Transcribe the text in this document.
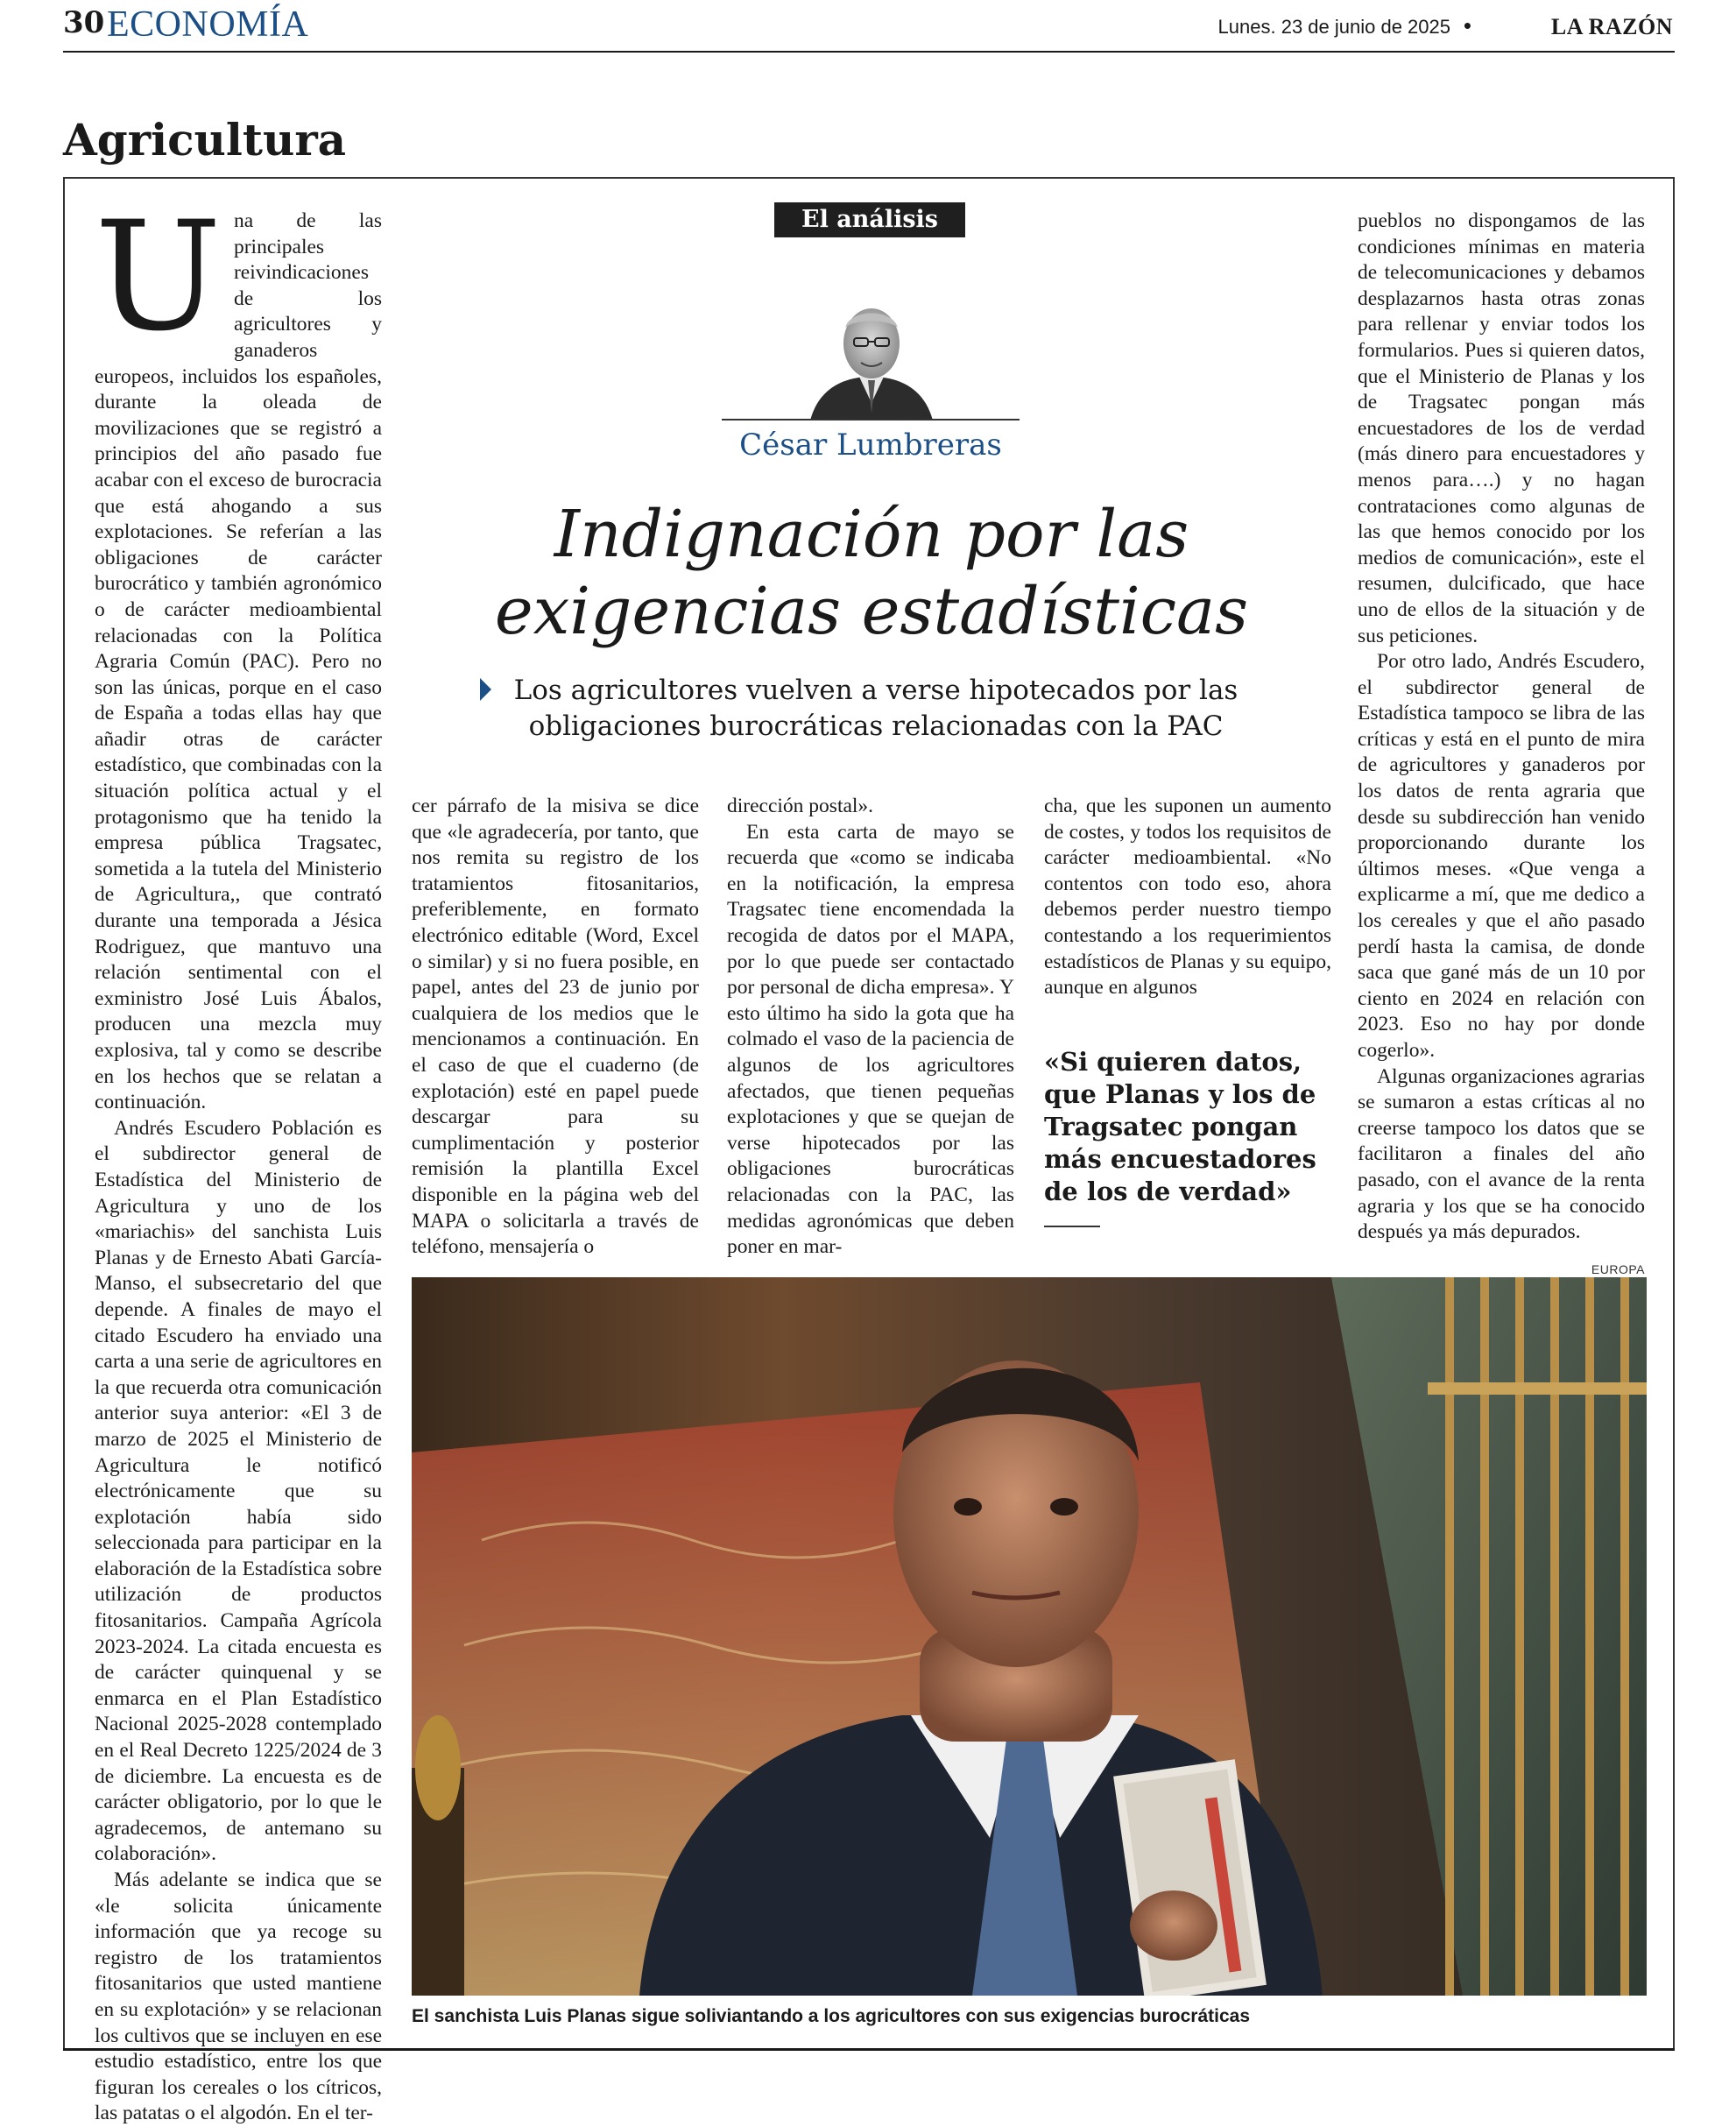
30 ECONOMÍA	Lunes. 23 de junio de 2025 •	LA RAZÓN
Agricultura
U na de las principales reivindicaciones de los agricultores y ganaderos europeos, incluidos los españoles, durante la oleada de movilizaciones que se registró a principios del año pasado fue acabar con el exceso de burocracia que está ahogando a sus explotaciones. Se referían a las obligaciones de carácter burocrático y también agronómico o de carácter medioambiental relacionadas con la Política Agraria Común (PAC). Pero no son las únicas, porque en el caso de España a todas ellas hay que añadir otras de carácter estadístico, que combinadas con la situación política actual y el protagonismo que ha tenido la empresa pública Tragsatec, sometida a la tutela del Ministerio de Agricultura,, que contrató durante una temporada a Jésica Rodriguez, que mantuvo una relación sentimental con el exministro José Luis Ábalos, producen una mezcla muy explosiva, tal y como se describe en los hechos que se relatan a continuación.

Andrés Escudero Población es el subdirector general de Estadística del Ministerio de Agricultura y uno de los «mariachis» del sanchista Luis Planas y de Ernesto Abati García-Manso, el subsecretario del que depende. A finales de mayo el citado Escudero ha enviado una carta a una serie de agricultores en la que recuerda otra comunicación anterior suya anterior: «El 3 de marzo de 2025 el Ministerio de Agricultura le notificó electrónicamente que su explotación había sido seleccionada para participar en la elaboración de la Estadística sobre utilización de productos fitosanitarios. Campaña Agrícola 2023-2024. La citada encuesta es de carácter quinquenal y se enmarca en el Plan Estadístico Nacional 2025-2028 contemplado en el Real Decreto 1225/2024 de 3 de diciembre. La encuesta es de carácter obligatorio, por lo que le agradecemos, de antemano su colaboración».

Más adelante se indica que se «le solicita únicamente información que ya recoge su registro de los tratamientos fitosanitarios que usted mantiene en su explotación» y se relacionan los cultivos que se incluyen en ese estudio estadístico, entre los que figuran los cereales o los cítricos, las patatas o el algodón. En el ter-

El análisis
César Lumbreras
Indignación por las exigencias estadísticas
Los agricultores vuelven a verse hipotecados por las obligaciones burocráticas relacionadas con la PAC

cer párrafo de la misiva se dice que «le agradecería, por tanto, que nos remita su registro de los tratamientos fitosanitarios, preferiblemente, en formato electrónico editable (Word, Excel o similar) y si no fuera posible, en papel, antes del 23 de junio por cualquiera de los medios que le mencionamos a continuación. En el caso de que el cuaderno (de explotación) esté en papel puede descargar para su cumplimentación y posterior remisión la plantilla Excel disponible en la página web del MAPA o solicitarla a través de teléfono, mensajería o

dirección postal».

En esta carta de mayo se recuerda que «como se indicaba en la notificación, la empresa Tragsatec tiene encomendada la recogida de datos por el MAPA, por lo que puede ser contactado por personal de dicha empresa». Y esto último ha sido la gota que ha colmado el vaso de la paciencia de algunos de los agricultores afectados, que tienen pequeñas explotaciones y que se quejan de verse hipotecados por las obligaciones burocráticas relacionadas con la PAC, las medidas agronómicas que deben poner en mar-

cha, que les suponen un aumento de costes, y todos los requisitos de carácter medioambiental. «No contentos con todo eso, ahora debemos perder nuestro tiempo contestando a los requerimientos estadísticos de Planas y su equipo, aunque en algunos

«Si quieren datos, que Planas y los de Tragsatec pongan más encuestadores de los de verdad»

pueblos no dispongamos de las condiciones mínimas en materia de telecomunicaciones y debamos desplazarnos hasta otras zonas para rellenar y enviar todos los formularios. Pues si quieren datos, que el Ministerio de Planas y los de Tragsatec pongan más encuestadores de los de verdad (más dinero para encuestadores y menos para….) y no hagan contrataciones como algunas de las que hemos conocido por los medios de comunicación», este el resumen, dulcificado, que hace uno de ellos de la situación y de sus peticiones.

Por otro lado, Andrés Escudero, el subdirector general de Estadística tampoco se libra de las críticas y está en el punto de mira de agricultores y ganaderos por los datos de renta agraria que desde su subdirección han venido proporcionando durante los últimos meses. «Que venga a explicarme a mí, que me dedico a los cereales y que el año pasado perdí hasta la camisa, de donde saca que gané más de un 10 por ciento en 2024 en relación con 2023. Eso no hay por donde cogerlo».

Algunas organizaciones agrarias se sumaron a estas críticas al no creerse tampoco los datos que se facilitaron a finales del año pasado, con el avance de la renta agraria y los que se ha conocido después ya más depurados.

EUROPA
El sanchista Luis Planas sigue soliviantando a los agricultores con sus exigencias burocráticas
